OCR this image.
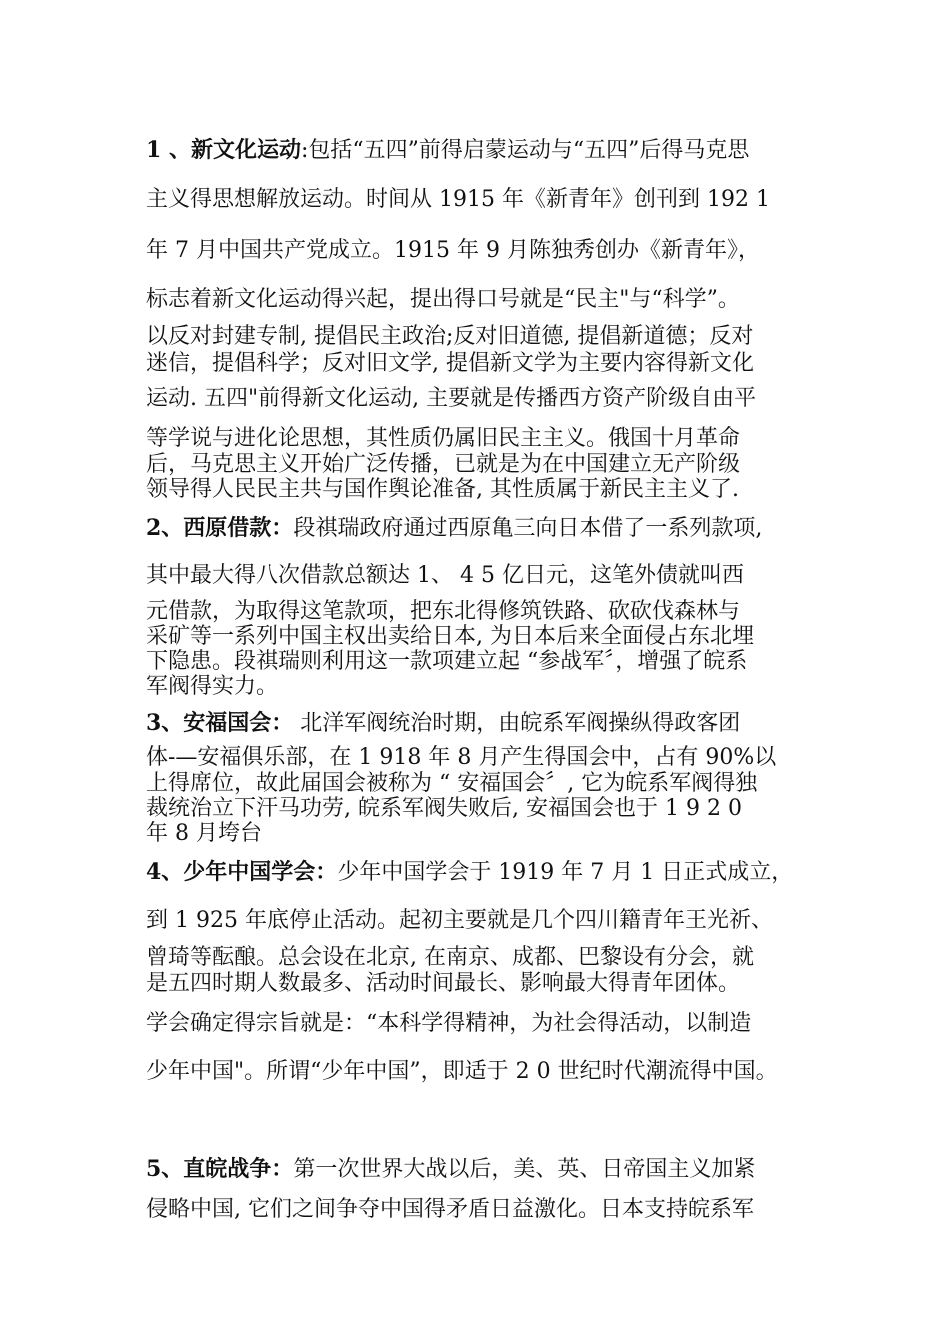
1 、新文化运动:包括“五四”前得启蒙运动与“五四”后得马克思
主义得思想解放运动。时间从 1915 年《新青年》创刊到 192 1
年 7 月中国共产党成立。1915 年 9 月陈独秀创办《新青年》，
标志着新文化运动得兴起，提出得口号就是“民主"与“科学”。
以反对封建专制, 提倡民主政治;反对旧道德, 提倡新道德；反对
迷信，提倡科学；反对旧文学, 提倡新文学为主要内容得新文化
运动. 五四"前得新文化运动, 主要就是传播西方资产阶级自由平
等学说与进化论思想，其性质仍属旧民主主义。俄国十月革命
后，马克思主义开始广泛传播，已就是为在中国建立无产阶级
领导得人民民主共与国作舆论准备, 其性质属于新民主主义了.
2、西原借款：段祺瑞政府通过西原亀三向日本借了一系列款项,
其中最大得八次借款总额达 1、 4 5 亿日元，这笔外债就叫西
元借款，为取得这笔款项，把东北得修筑铁路、砍砍伐森林与
采矿等一系列中国主权出卖给日本, 为日本后来全面侵占东北埋
下隐患。段祺瑞则利用这一款项建立起 “参战军〞，增强了皖系
军阀得实力。
3、安福国会： 北洋军阀统治时期，由皖系军阀操纵得政客团
体-—安福俱乐部，在 1 918 年 8 月产生得国会中，占有 90%以
上得席位，故此届国会被称为 “ 安福国会〞, 它为皖系军阀得独
裁统治立下汗马功劳, 皖系军阀失败后, 安福国会也于 1 9 2 0
年 8 月垮台
4、少年中国学会：少年中国学会于 1919 年 7 月 1 日正式成立，
到 1 925 年底停止活动。起初主要就是几个四川籍青年王光祈、
曾琦等酝酿。总会设在北京, 在南京、成都、巴黎设有分会，就
是五四时期人数最多、活动时间最长、影响最大得青年团体。
学会确定得宗旨就是：“本科学得精神，为社会得活动，以制造
少年中国"。所谓“少年中国”，即适于 2 0 世纪时代潮流得中国。
5、直皖战争：第一次世界大战以后，美、英、日帝国主义加紧
侵略中国, 它们之间争夺中国得矛盾日益激化。日本支持皖系军
